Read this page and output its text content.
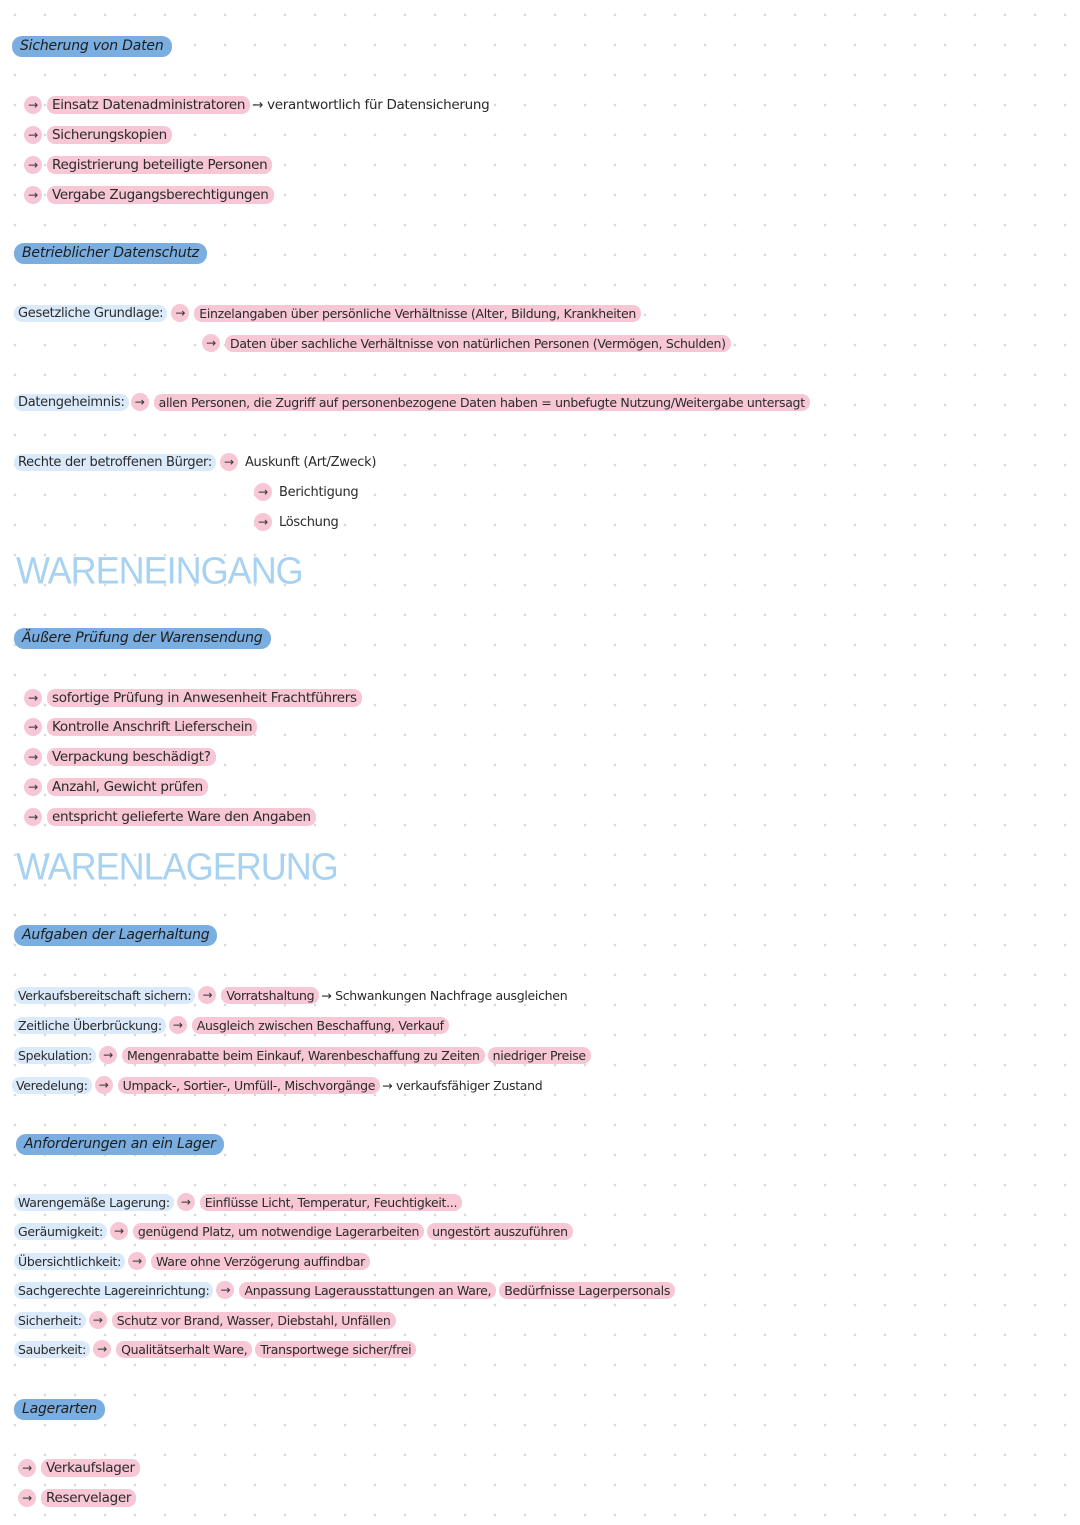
Sicherung von Daten
→	Einsatz Datenadministratoren → verantwortlich für Datensicherung
→	Sicherungskopien
→	Registrierung beteiligte Personen
→	Vergabe Zugangsberechtigungen
Betrieblicher Datenschutz
Gesetzliche Grundlage:	→	Einzelangaben über persönliche Verhältnisse (Alter, Bildung, Krankheiten
→	Daten über sachliche Verhältnisse von natürlichen Personen (Vermögen, Schulden)
Datengeheimnis: →	allen Personen, die Zugriff auf personenbezogene Daten haben = unbefugte Nutzung/Weitergabe untersagt
Rechte der betroffenen Bürger:	→ Auskunft (Art/Zweck)
→ Berichtigung
→ Löschung
WARENEINGANG
Äußere Prüfung der Warensendung
→	sofortige Prüfung in Anwesenheit Frachtführers
→	Kontrolle Anschrift Lieferschein
→	Verpackung beschädigt?
→	Anzahl, Gewicht prüfen
→	entspricht gelieferte Ware den Angaben
WARENLAGERUNG
Aufgaben der Lagerhaltung
Verkaufsbereitschaft sichern: →	Vorratshaltung → Schwankungen Nachfrage ausgleichen
Zeitliche Überbrückung: →	Ausgleich zwischen Beschaffung, Verkauf
Spekulation: →	Mengenrabatte beim Einkauf, Warenbeschaffung zu Zeiten	niedriger Preise
Veredelung: →	Umpack-, Sortier-, Umfüll-, Mischvorgänge → verkaufsfähiger Zustand
Anforderungen an ein Lager
Warengemäße Lagerung: →	Einflüsse Licht, Temperatur, Feuchtigkeit...
Geräumigkeit: →	genügend Platz, um notwendige Lagerarbeiten	ungestört auszuführen
Übersichtlichkeit: →	Ware ohne Verzögerung auffindbar
Sachgerechte Lagereinrichtung: →	Anpassung Lagerausstattungen an Ware,	Bedürfnisse Lagerpersonals
Sicherheit: →	Schutz vor Brand, Wasser, Diebstahl, Unfällen
Sauberkeit: →	Qualitätserhalt Ware,	Transportwege sicher/frei
Lagerarten
→	Verkaufslager
→	Reservelager
